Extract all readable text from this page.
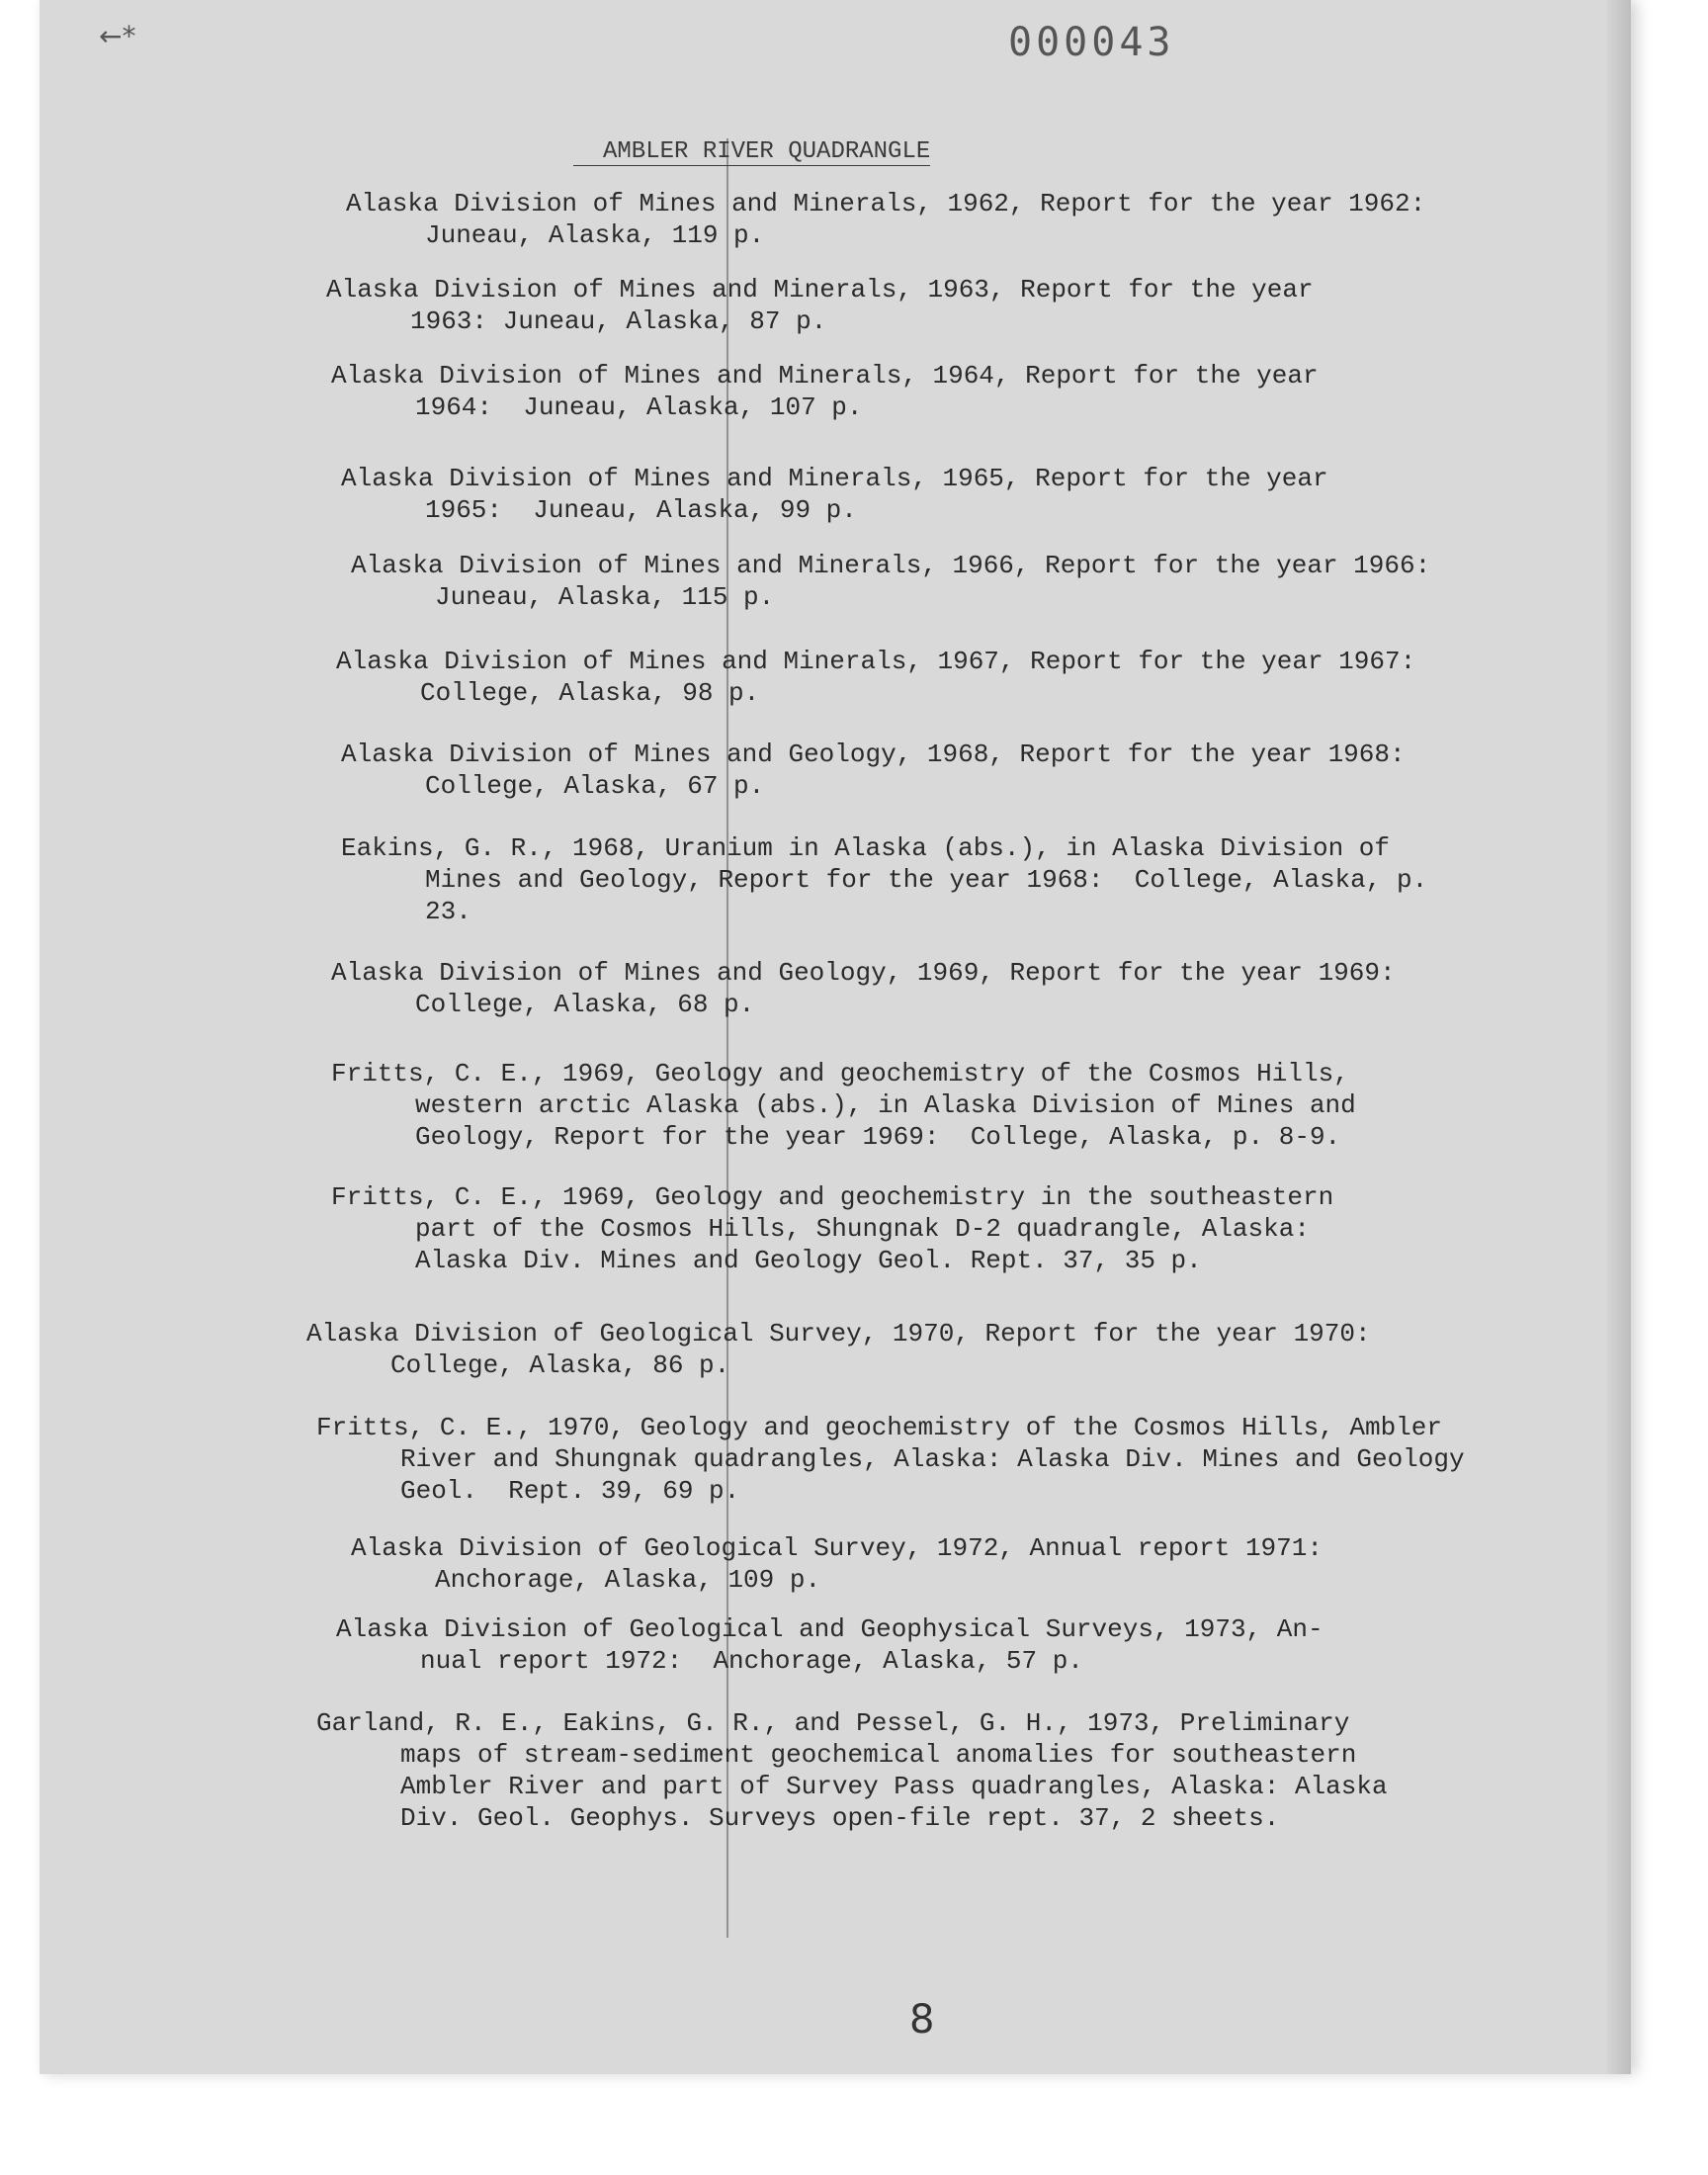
←*	000043
AMBLER RIVER QUADRANGLE

Alaska Division of Mines and Minerals, 1962, Report for the year 1962:
Juneau, Alaska, 119 p.

Alaska Division of Mines and Minerals, 1963, Report for the year
1963: Juneau, Alaska, 87 p.

Alaska Division of Mines and Minerals, 1964, Report for the year
1964:  Juneau, Alaska, 107 p.

Alaska Division of Mines and Minerals, 1965, Report for the year
1965:  Juneau, Alaska, 99 p.

Alaska Division of Mines and Minerals, 1966, Report for the year 1966:
Juneau, Alaska, 115 p.

Alaska Division of Mines and Minerals, 1967, Report for the year 1967:
College, Alaska, 98 p.

Alaska Division of Mines and Geology, 1968, Report for the year 1968:
College, Alaska, 67 p.

Eakins, G. R., 1968, Uranium in Alaska (abs.), in Alaska Division of
Mines and Geology, Report for the year 1968:  College, Alaska, p.
23.

Alaska Division of Mines and Geology, 1969, Report for the year 1969:
College, Alaska, 68 p.

Fritts, C. E., 1969, Geology and geochemistry of the Cosmos Hills,
western arctic Alaska (abs.), in Alaska Division of Mines and
Geology, Report for the year 1969:  College, Alaska, p. 8-9.

Fritts, C. E., 1969, Geology and geochemistry in the southeastern
part of the Cosmos Hills, Shungnak D-2 quadrangle, Alaska:
Alaska Div. Mines and Geology Geol. Rept. 37, 35 p.

Alaska Division of Geological Survey, 1970, Report for the year 1970:
College, Alaska, 86 p.

Fritts, C. E., 1970, Geology and geochemistry of the Cosmos Hills, Ambler
River and Shungnak quadrangles, Alaska: Alaska Div. Mines and Geology
Geol.  Rept. 39, 69 p.

Alaska Division of Geological Survey, 1972, Annual report 1971:
Anchorage, Alaska, 109 p.

Alaska Division of Geological and Geophysical Surveys, 1973, An-
nual report 1972:  Anchorage, Alaska, 57 p.

Garland, R. E., Eakins, G. R., and Pessel, G. H., 1973, Preliminary
maps of stream-sediment geochemical anomalies for southeastern
Ambler River and part of Survey Pass quadrangles, Alaska: Alaska
Div. Geol. Geophys. Surveys open-file rept. 37, 2 sheets.

8
